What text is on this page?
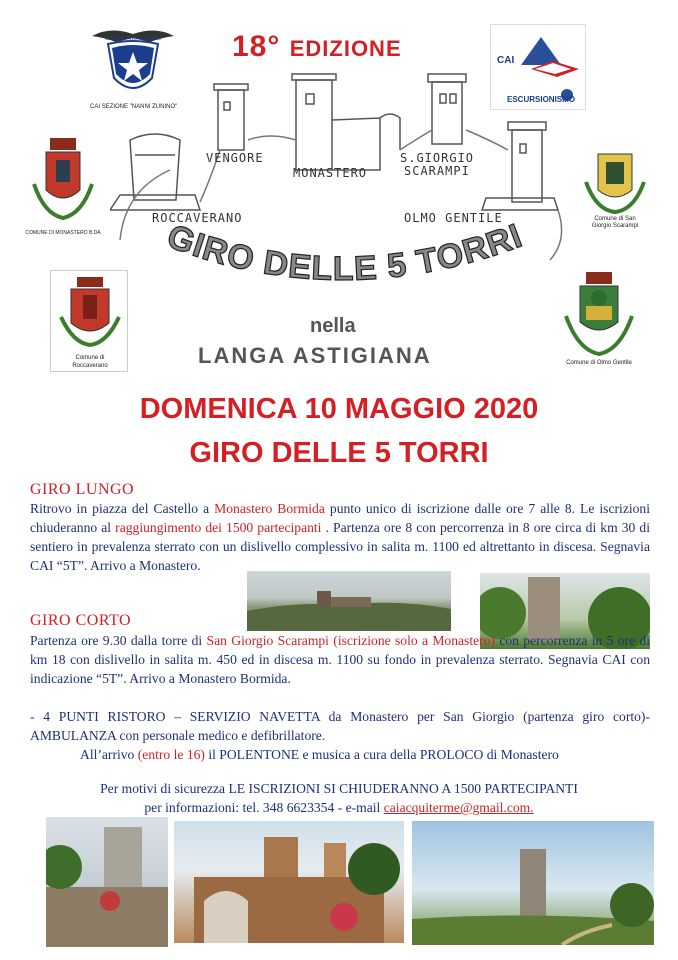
CLUB ALPINO ITALIANO
CAI SEZIONE "NANNI ZUNINO"
18° EDIZIONE	CAI
ESCURSIONISMO
ROCCAVERANO
VENGORE
MONASTERO
S.GIORGIO
SCARAMPI
OLMO GENTILE
GIRO DELLE 5 TORRI
nella
LANGA ASTIGIANA
COMUNE DI MONASTERO B.DA
Comune di
Roccaverano
Comune di San
Giorgio Scarampi
Comune di Olmo Gentile
DOMENICA 10 MAGGIO 2020
GIRO DELLE 5 TORRI
GIRO LUNGO
Ritrovo in piazza del Castello a Monastero Bormida punto unico di iscrizione dalle ore 7 alle 8. Le iscrizioni chiuderanno al raggiungimento dei 1500 partecipanti . Partenza ore 8 con percorrenza in 8 ore circa di km 30 di sentiero in prevalenza sterrato con un dislivello complessivo in salita m. 1100 ed altrettanto in discesa. Segnavia CAI “5T”. Arrivo a Monastero.
GIRO CORTO
Partenza ore 9.30 dalla torre di San Giorgio Scarampi (iscrizione solo a Monastero) con percorrenza in 5 ore di km 18 con dislivello in salita m. 450 ed in discesa m. 1100 su fondo in prevalenza sterrato. Segnavia CAI con indicazione “5T”. Arrivo a Monastero Bormida.
- 4 PUNTI RISTORO – SERVIZIO NAVETTA da Monastero per San Giorgio (partenza giro corto)- AMBULANZA con personale medico e defibrillatore.
All’arrivo (entro le 16) il POLENTONE e musica a cura della PROLOCO di Monastero
Per motivi di sicurezza LE ISCRIZIONI SI CHIUDERANNO A 1500 PARTECIPANTI
per informazioni: tel. 348 6623354 - e-mail caiacquiterme@gmail.com.
